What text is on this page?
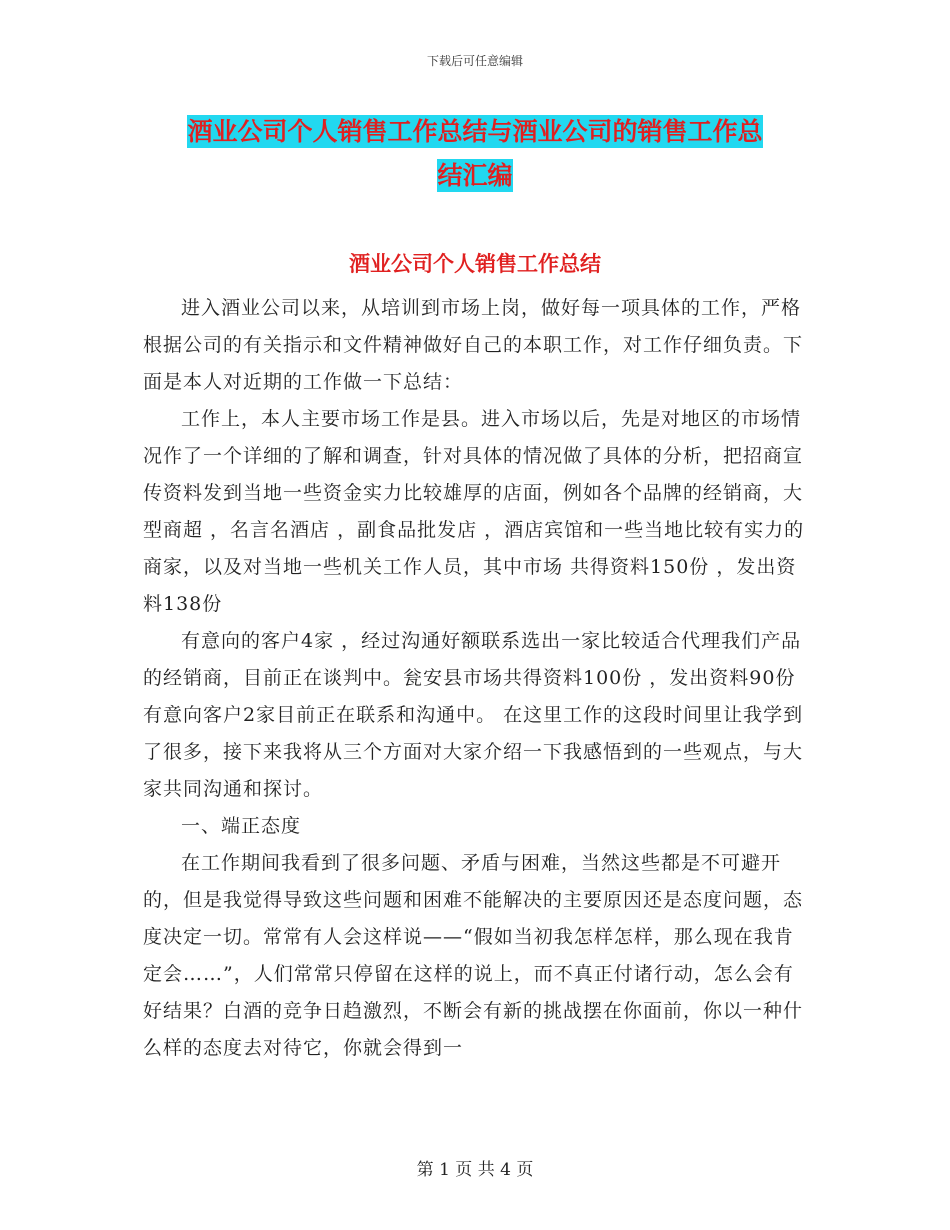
下载后可任意编辑
酒业公司个人销售工作总结与酒业公司的销售工作总
结汇编
酒业公司个人销售工作总结

进入酒业公司以来，从培训到市场上岗，做好每一项具体的工作，严格根据公司的有关指示和文件精神做好自己的本职工作，对工作仔细负责。下面是本人对近期的工作做一下总结：

工作上，本人主要市场工作是县。进入市场以后，先是对地区的市场情况作了一个详细的了解和调查，针对具体的情况做了具体的分析，把招商宣传资料发到当地一些资金实力比较雄厚的店面，例如各个品牌的经销商，大型商超 ，名言名酒店 ，副食品批发店 ，酒店宾馆和一些当地比较有实力的商家，以及对当地一些机关工作人员，其中市场 共得资料150份 ，发出资料138份

有意向的客户4家 ，经过沟通好额联系选出一家比较适合代理我们产品的经销商，目前正在谈判中。瓮安县市场共得资料100份 ，发出资料90份 有意向客户2家目前正在联系和沟通中。 在这里工作的这段时间里让我学到了很多，接下来我将从三个方面对大家介绍一下我感悟到的一些观点，与大家共同沟通和探讨。

一、端正态度

在工作期间我看到了很多问题、矛盾与困难，当然这些都是不可避开的，但是我觉得导致这些问题和困难不能解决的主要原因还是态度问题，态度决定一切。常常有人会这样说——“假如当初我怎样怎样，那么现在我肯定会……”，人们常常只停留在这样的说上，而不真正付诸行动，怎么会有好结果？白酒的竞争日趋激烈，不断会有新的挑战摆在你面前，你以一种什么样的态度去对待它，你就会得到一

第 1 页 共 4 页
